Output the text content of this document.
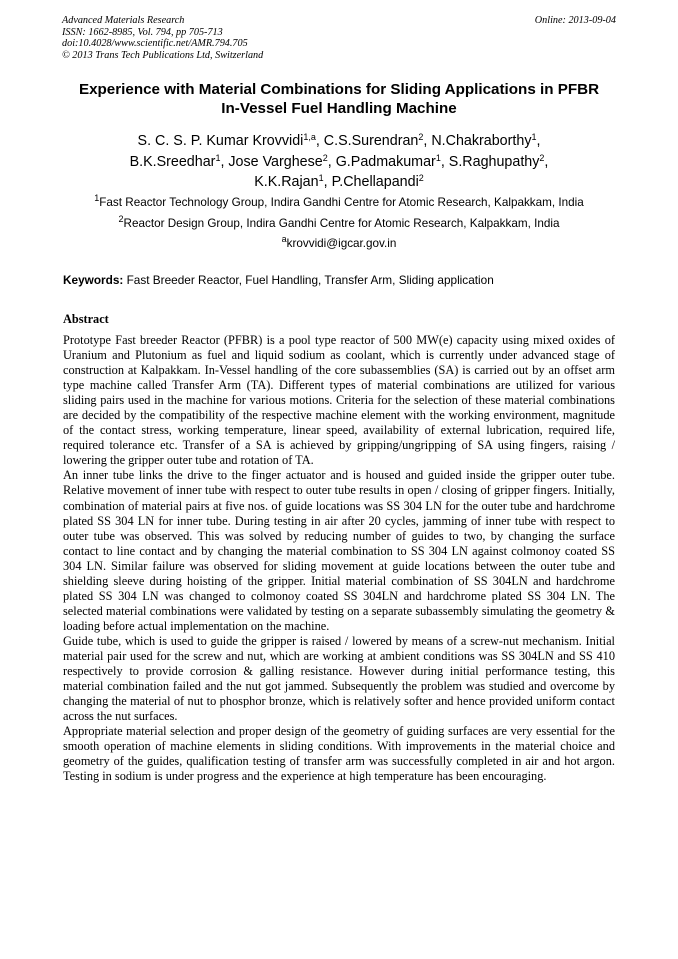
Advanced Materials Research
ISSN: 1662-8985, Vol. 794, pp 705-713
doi:10.4028/www.scientific.net/AMR.794.705
© 2013 Trans Tech Publications Ltd, Switzerland
Online: 2013-09-04
Experience with Material Combinations for Sliding Applications in PFBR
In-Vessel Fuel Handling Machine
S. C. S. P. Kumar Krovvidi$^{1,a}$, C.S.Surendran$^2$, N.Chakraborthy$^1$,
B.K.Sreedhar$^1$, Jose Varghese$^2$, G.Padmakumar$^1$, S.Raghupathy$^2$,
K.K.Rajan$^1$, P.Chellapandi$^2$
$^1$Fast Reactor Technology Group, Indira Gandhi Centre for Atomic Research, Kalpakkam, India
$^2$Reactor Design Group, Indira Gandhi Centre for Atomic Research, Kalpakkam, India
$^a$krovvidi@igcar.gov.in
Keywords: Fast Breeder Reactor, Fuel Handling, Transfer Arm, Sliding application
Abstract

Prototype Fast breeder Reactor (PFBR) is a pool type reactor of 500 MW(e) capacity using mixed oxides of Uranium and Plutonium as fuel and liquid sodium as coolant, which is currently under advanced stage of construction at Kalpakkam. In-Vessel handling of the core subassemblies (SA) is carried out by an offset arm type machine called Transfer Arm (TA). Different types of material combinations are utilized for various sliding pairs used in the machine for various motions. Criteria for the selection of these material combinations are decided by the compatibility of the respective machine element with the working environment, magnitude of the contact stress, working temperature, linear speed, availability of external lubrication, required life, required tolerance etc. Transfer of a SA is achieved by gripping/ungripping of SA using fingers, raising / lowering the gripper outer tube and rotation of TA.

An inner tube links the drive to the finger actuator and is housed and guided inside the gripper outer tube. Relative movement of inner tube with respect to outer tube results in open / closing of gripper fingers. Initially, combination of material pairs at five nos. of guide locations was SS 304 LN for the outer tube and hardchrome plated SS 304 LN for inner tube. During testing in air after 20 cycles, jamming of inner tube with respect to outer tube was observed. This was solved by reducing number of guides to two, by changing the surface contact to line contact and by changing the material combination to SS 304 LN against colmonoy coated SS 304 LN. Similar failure was observed for sliding movement at guide locations between the outer tube and shielding sleeve during hoisting of the gripper. Initial material combination of SS 304LN and hardchrome plated SS 304 LN was changed to colmonoy coated SS 304LN and hardchrome plated SS 304 LN. The selected material combinations were validated by testing on a separate subassembly simulating the geometry & loading before actual implementation on the machine.

Guide tube, which is used to guide the gripper is raised / lowered by means of a screw-nut mechanism. Initial material pair used for the screw and nut, which are working at ambient conditions was SS 304LN and SS 410 respectively to provide corrosion & galling resistance. However during initial performance testing, this material combination failed and the nut got jammed. Subsequently the problem was studied and overcome by changing the material of nut to phosphor bronze, which is relatively softer and hence provided uniform contact across the nut surfaces.

Appropriate material selection and proper design of the geometry of guiding surfaces are very essential for the smooth operation of machine elements in sliding conditions. With improvements in the material choice and geometry of the guides, qualification testing of transfer arm was successfully completed in air and hot argon. Testing in sodium is under progress and the experience at high temperature has been encouraging.
